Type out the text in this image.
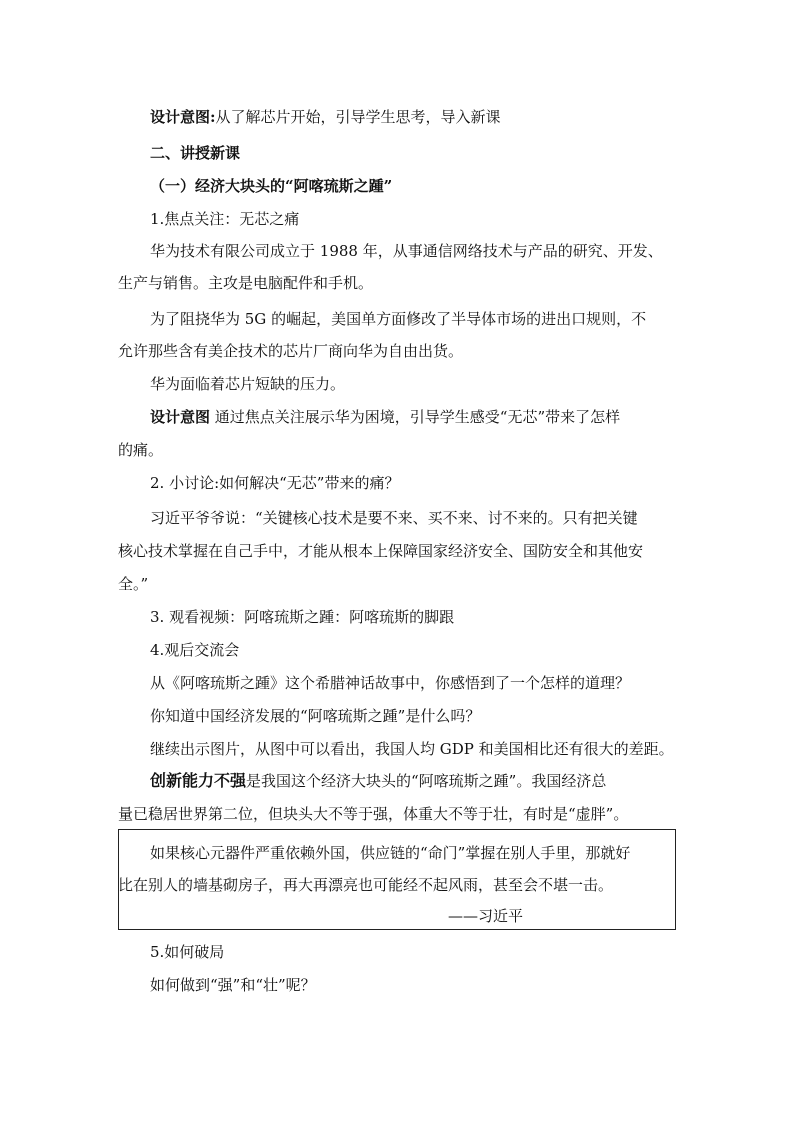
设计意图:从了解芯片开始，引导学生思考，导入新课
二、讲授新课
（一）经济大块头的“阿喀琉斯之踵”
1.焦点关注：无芯之痛
华为技术有限公司成立于 1988 年，从事通信网络技术与产品的研究、开发、
生产与销售。主攻是电脑配件和手机。
为了阻挠华为 5G 的崛起，美国单方面修改了半导体市场的进出口规则，不
允许那些含有美企技术的芯片厂商向华为自由出货。
华为面临着芯片短缺的压力。
设计意图 通过焦点关注展示华为困境，引导学生感受“无芯”带来了怎样
的痛。
2. 小讨论:如何解决“无芯”带来的痛？
习近平爷爷说：“关键核心技术是要不来、买不来、讨不来的。只有把关键
核心技术掌握在自己手中，才能从根本上保障国家经济安全、国防安全和其他安
全。”
3. 观看视频：阿喀琉斯之踵：阿喀琉斯的脚跟
4.观后交流会
从《阿喀琉斯之踵》这个希腊神话故事中，你感悟到了一个怎样的道理？
你知道中国经济发展的“阿喀琉斯之踵”是什么吗？
继续出示图片，从图中可以看出，我国人均 GDP 和美国相比还有很大的差距。
创新能力不强是我国这个经济大块头的“阿喀琉斯之踵”。我国经济总
量已稳居世界第二位，但块头大不等于强，体重大不等于壮，有时是“虚胖”。
如果核心元器件严重依赖外国，供应链的“命门”掌握在别人手里，那就好
比在别人的墙基砌房子，再大再漂亮也可能经不起风雨，甚至会不堪一击。
——习近平
5.如何破局
如何做到“强”和“壮”呢？
